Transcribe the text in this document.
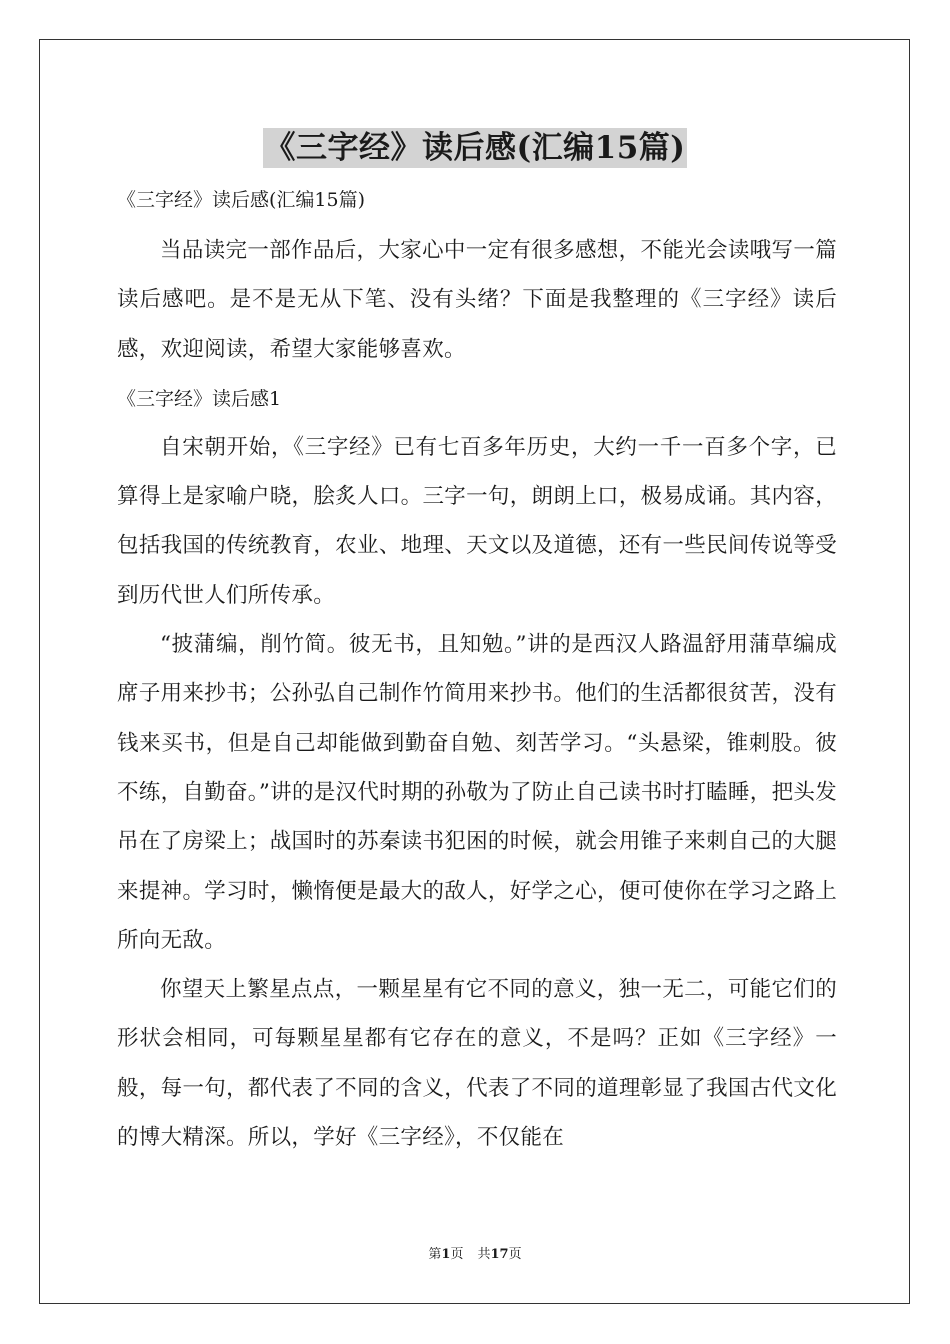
《三字经》读后感(汇编15篇)

《三字经》读后感(汇编15篇)

当品读完一部作品后，大家心中一定有很多感想，不能光会读哦写一篇读后感吧。是不是无从下笔、没有头绪？下面是我整理的《三字经》读后感，欢迎阅读，希望大家能够喜欢。

《三字经》读后感1

自宋朝开始，《三字经》已有七百多年历史，大约一千一百多个字，已算得上是家喻户晓，脍炙人口。三字一句，朗朗上口，极易成诵。其内容，包括我国的传统教育，农业、地理、天文以及道德，还有一些民间传说等受到历代世人们所传承。

“披蒲编，削竹简。彼无书，且知勉。”讲的是西汉人路温舒用蒲草编成席子用来抄书；公孙弘自己制作竹简用来抄书。他们的生活都很贫苦，没有钱来买书，但是自己却能做到勤奋自勉、刻苦学习。“头悬梁，锥刺股。彼不练，自勤奋。”讲的是汉代时期的孙敬为了防止自己读书时打瞌睡，把头发吊在了房梁上；战国时的苏秦读书犯困的时候，就会用锥子来刺自己的大腿来提神。学习时，懒惰便是最大的敌人，好学之心，便可使你在学习之路上所向无敌。

你望天上繁星点点，一颗星星有它不同的意义，独一无二，可能它们的形状会相同，可每颗星星都有它存在的意义，不是吗？正如《三字经》一般，每一句，都代表了不同的含义，代表了不同的道理彰显了我国古代文化的博大精深。所以，学好《三字经》，不仅能在

第1页 共17页
